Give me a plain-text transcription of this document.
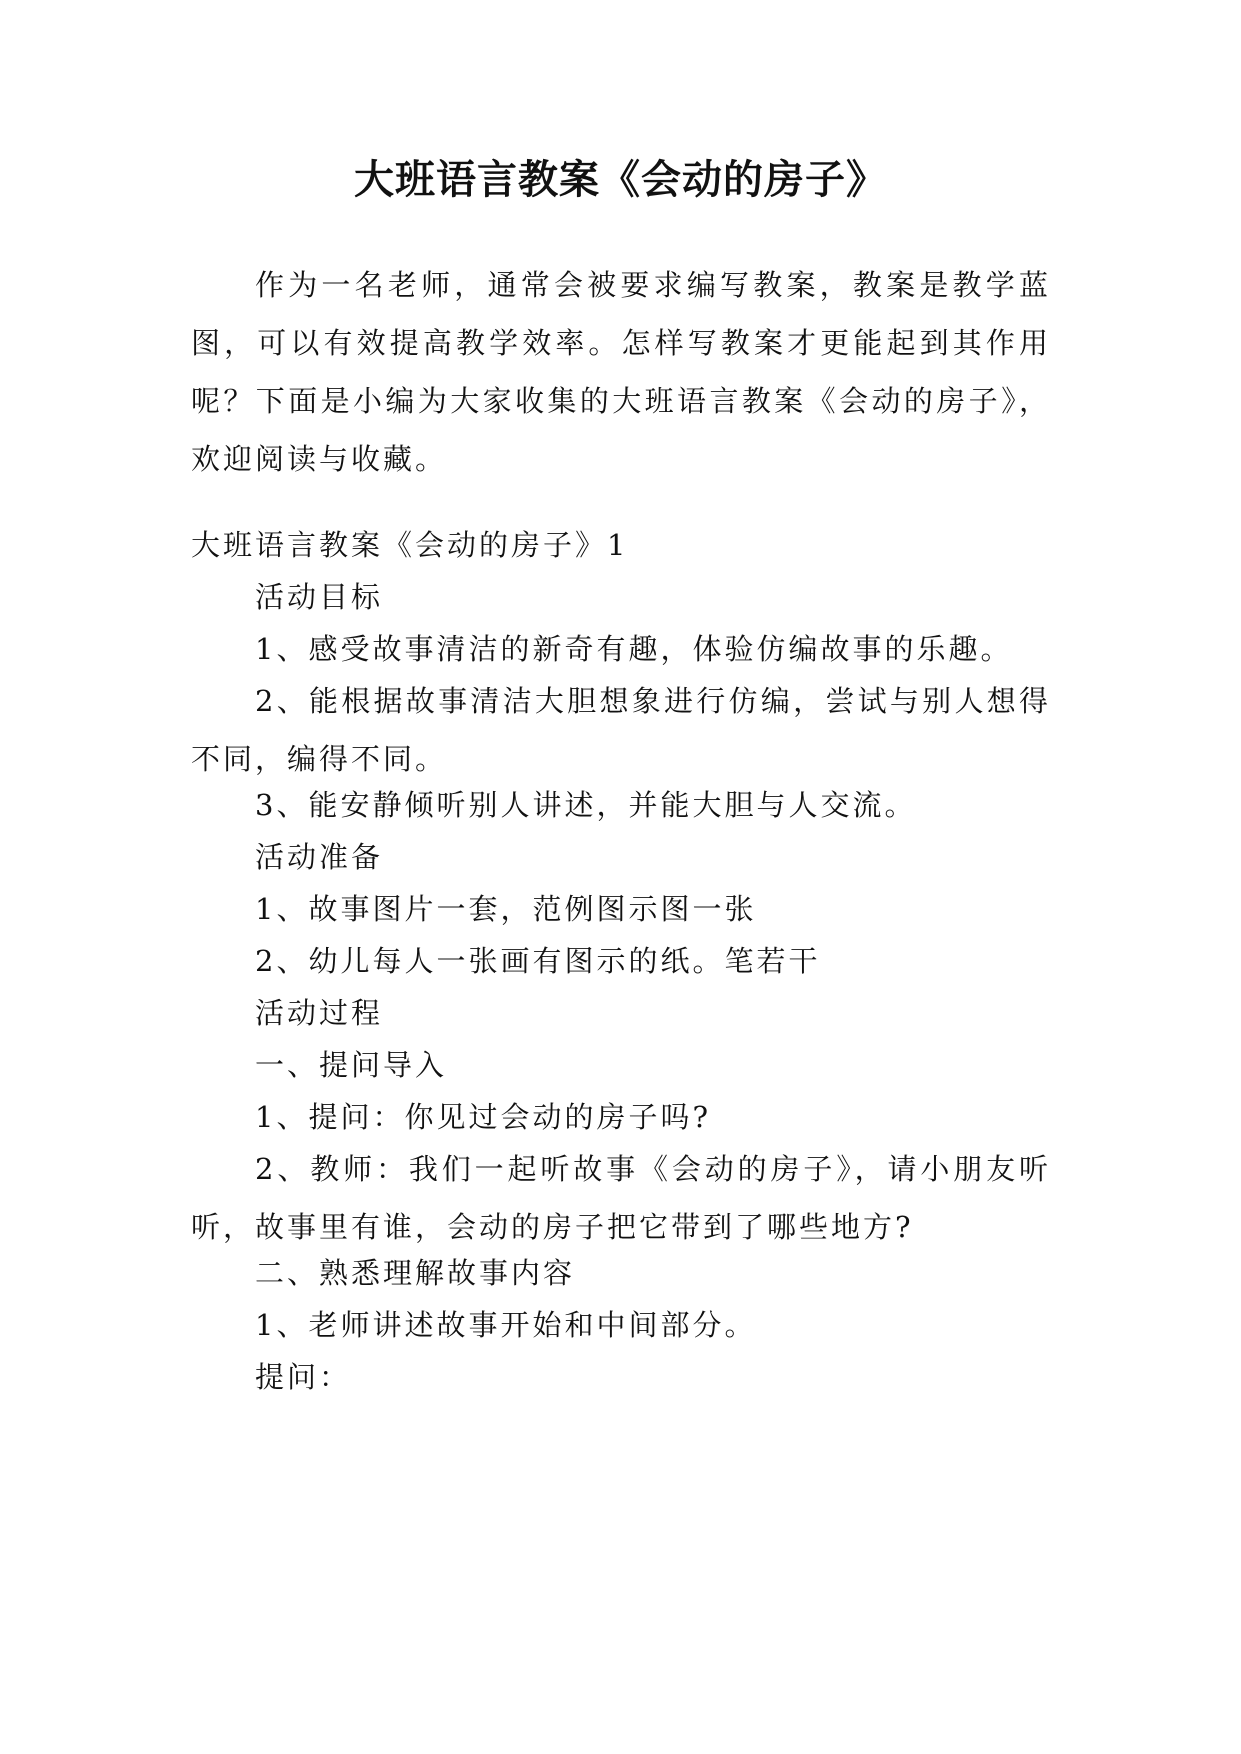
大班语言教案《会动的房子》

作为一名老师，通常会被要求编写教案，教案是教学蓝图，可以有效提高教学效率。怎样写教案才更能起到其作用呢？下面是小编为大家收集的大班语言教案《会动的房子》，欢迎阅读与收藏。

大班语言教案《会动的房子》1

活动目标

1、感受故事清洁的新奇有趣，体验仿编故事的乐趣。

2、能根据故事清洁大胆想象进行仿编，尝试与别人想得不同，编得不同。

3、能安静倾听别人讲述，并能大胆与人交流。

活动准备

1、故事图片一套，范例图示图一张

2、幼儿每人一张画有图示的纸。笔若干

活动过程

一、提问导入

1、提问：你见过会动的房子吗?

2、教师：我们一起听故事《会动的房子》，请小朋友听听，故事里有谁，会动的房子把它带到了哪些地方?

二、熟悉理解故事内容

1、老师讲述故事开始和中间部分。

提问：
